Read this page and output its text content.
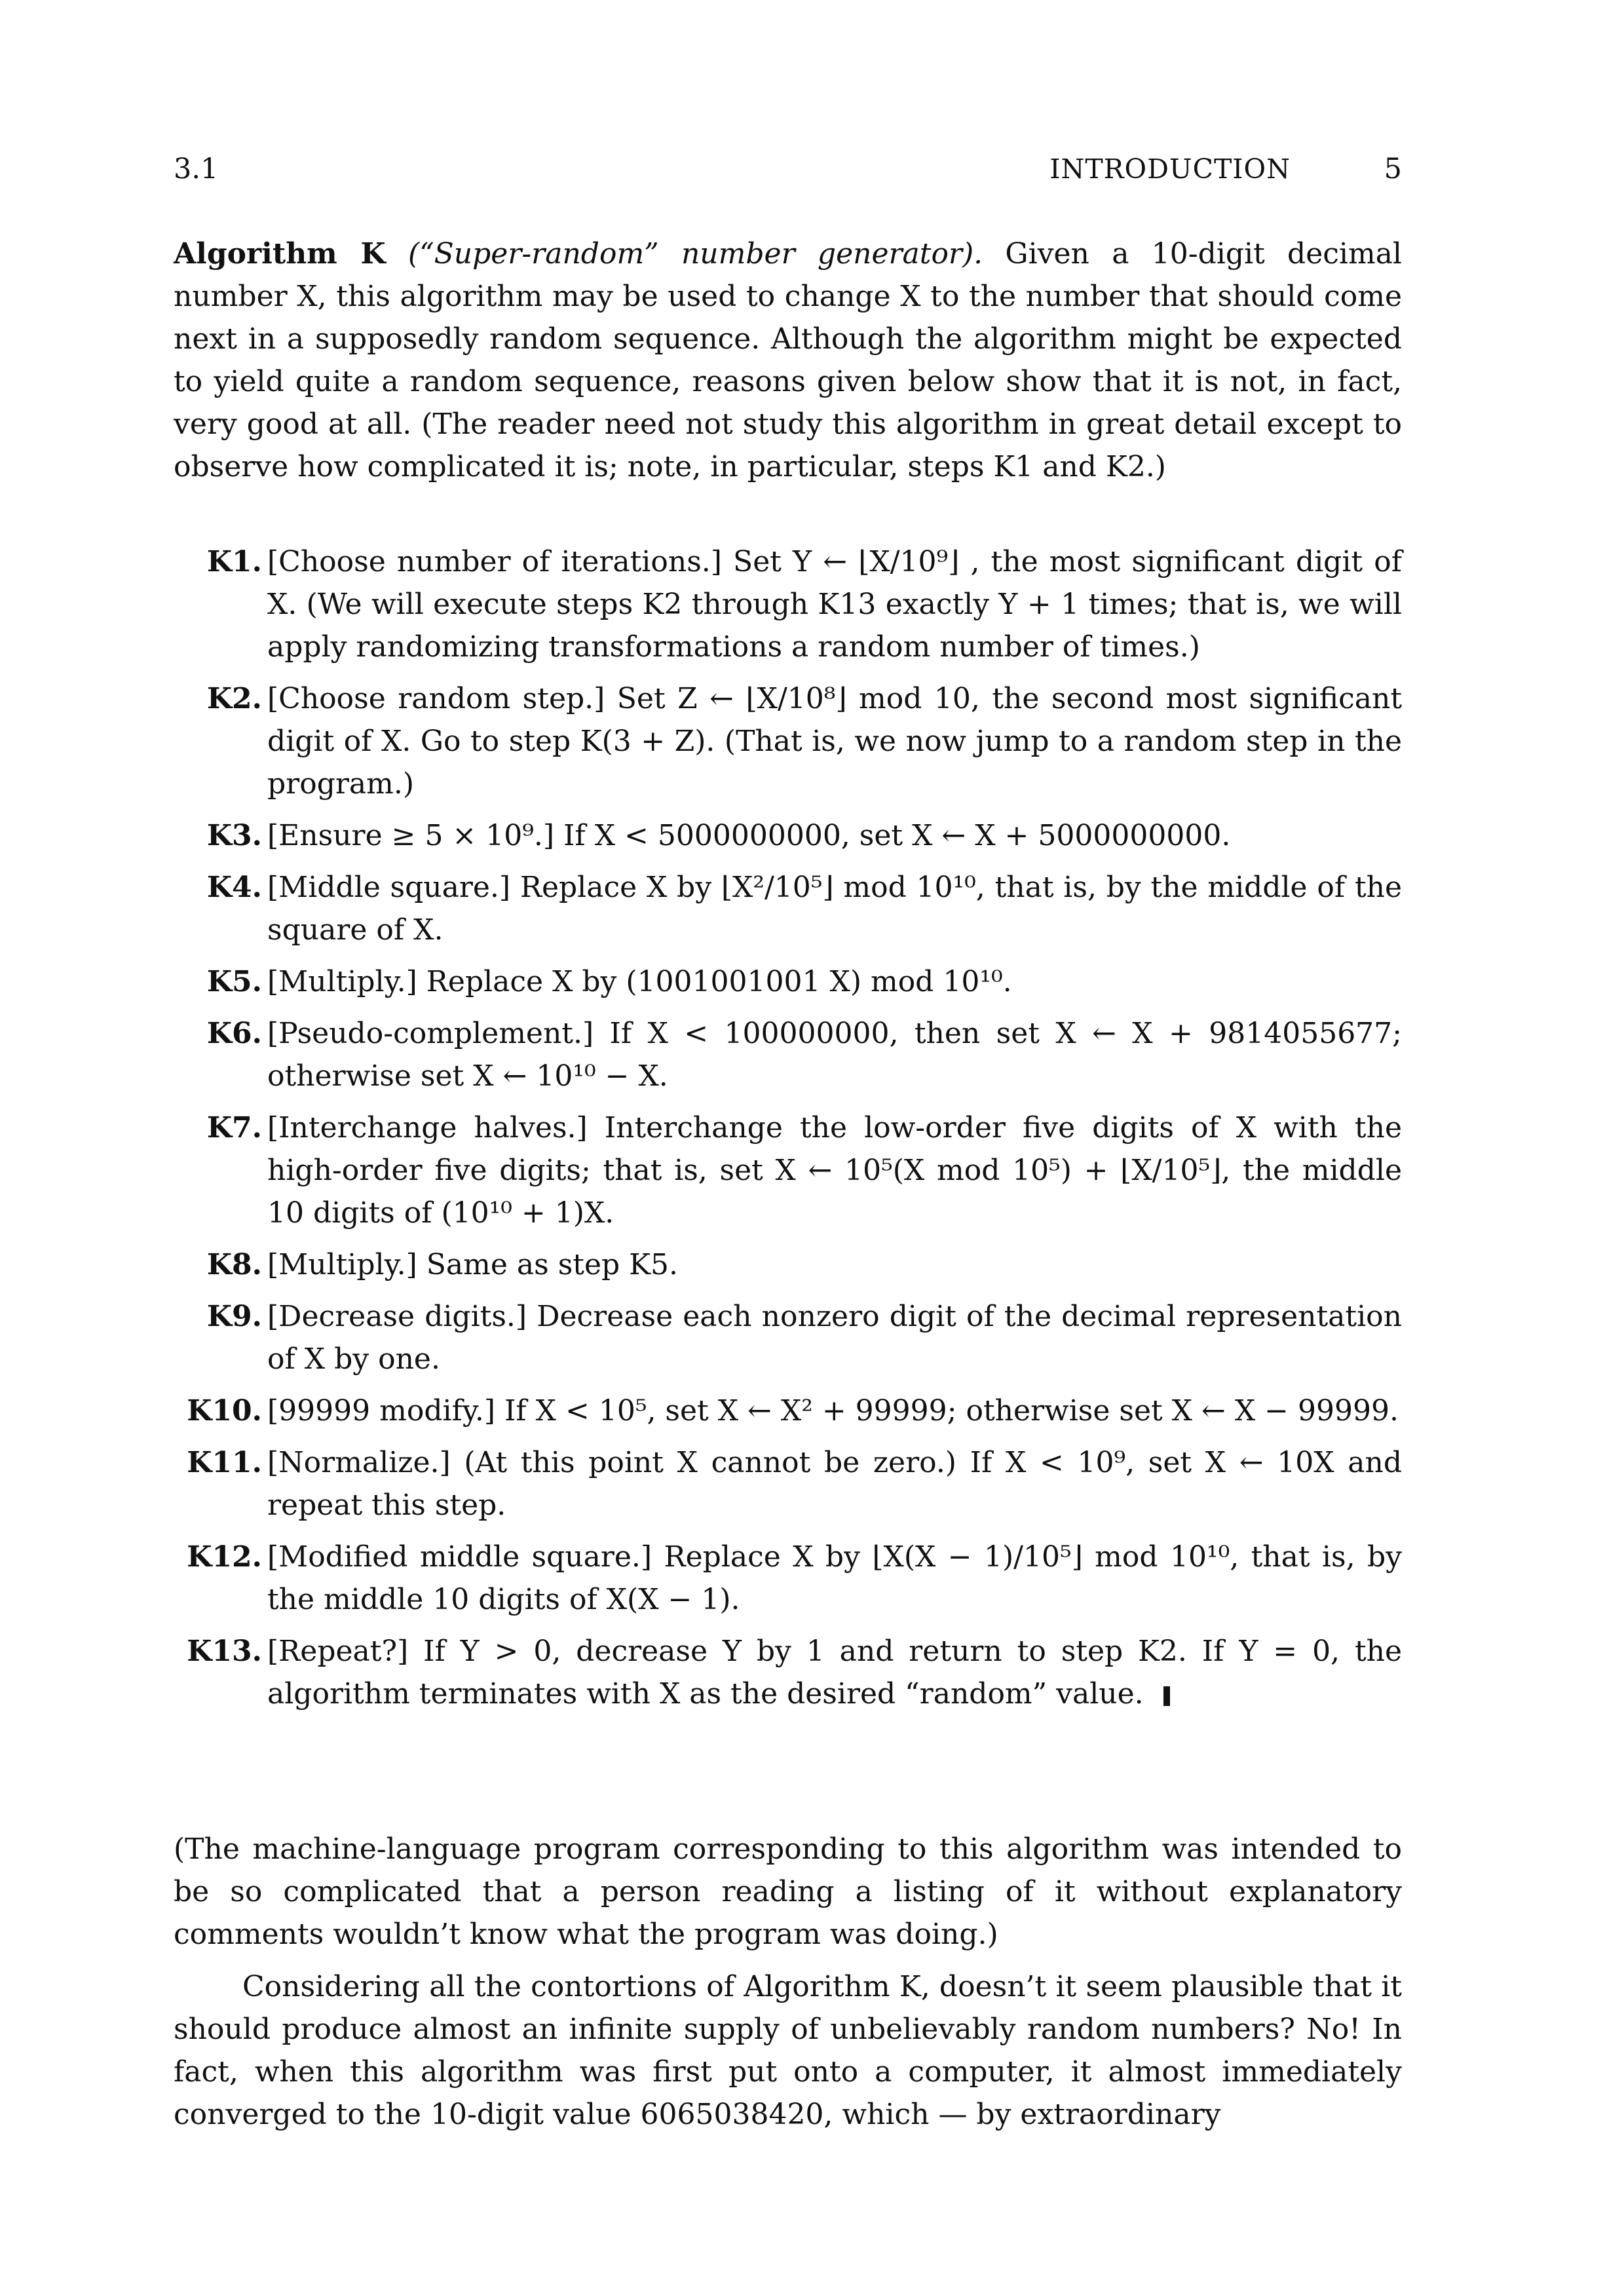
3.1	INTRODUCTION	5
Algorithm K (“Super-random” number generator). Given a 10-digit decimal number X, this algorithm may be used to change X to the number that should come next in a supposedly random sequence. Although the algorithm might be expected to yield quite a random sequence, reasons given below show that it is not, in fact, very good at all. (The reader need not study this algorithm in great detail except to observe how complicated it is; note, in particular, steps K1 and K2.)
K1. [Choose number of iterations.] Set Y ← ⌊X/10⁹⌋ , the most significant digit of X. (We will execute steps K2 through K13 exactly Y + 1 times; that is, we will apply randomizing transformations a random number of times.)
K2. [Choose random step.] Set Z ← ⌊X/10⁸⌋ mod 10, the second most significant digit of X. Go to step K(3 + Z). (That is, we now jump to a random step in the program.)
K3. [Ensure ≥ 5 × 10⁹.] If X < 5000000000, set X ← X + 5000000000.
K4. [Middle square.] Replace X by ⌊X²/10⁵⌋ mod 10¹⁰, that is, by the middle of the square of X.
K5. [Multiply.] Replace X by (1001001001 X) mod 10¹⁰.
K6. [Pseudo-complement.] If X < 100000000, then set X ← X + 9814055677; otherwise set X ← 10¹⁰ − X.
K7. [Interchange halves.] Interchange the low-order five digits of X with the high-order five digits; that is, set X ← 10⁵(X mod 10⁵) + ⌊X/10⁵⌋, the middle 10 digits of (10¹⁰ + 1)X.
K8. [Multiply.] Same as step K5.
K9. [Decrease digits.] Decrease each nonzero digit of the decimal representation of X by one.
K10. [99999 modify.] If X < 10⁵, set X ← X² + 99999; otherwise set X ← X − 99999.
K11. [Normalize.] (At this point X cannot be zero.) If X < 10⁹, set X ← 10X and repeat this step.
K12. [Modified middle square.] Replace X by ⌊X(X − 1)/10⁵⌋ mod 10¹⁰, that is, by the middle 10 digits of X(X − 1).
K13. [Repeat?] If Y > 0, decrease Y by 1 and return to step K2. If Y = 0, the algorithm terminates with X as the desired “random” value.
(The machine-language program corresponding to this algorithm was intended to be so complicated that a person reading a listing of it without explanatory comments wouldn’t know what the program was doing.)
Considering all the contortions of Algorithm K, doesn’t it seem plausible that it should produce almost an infinite supply of unbelievably random numbers? No! In fact, when this algorithm was first put onto a computer, it almost immediately converged to the 10-digit value 6065038420, which — by extraordinary
